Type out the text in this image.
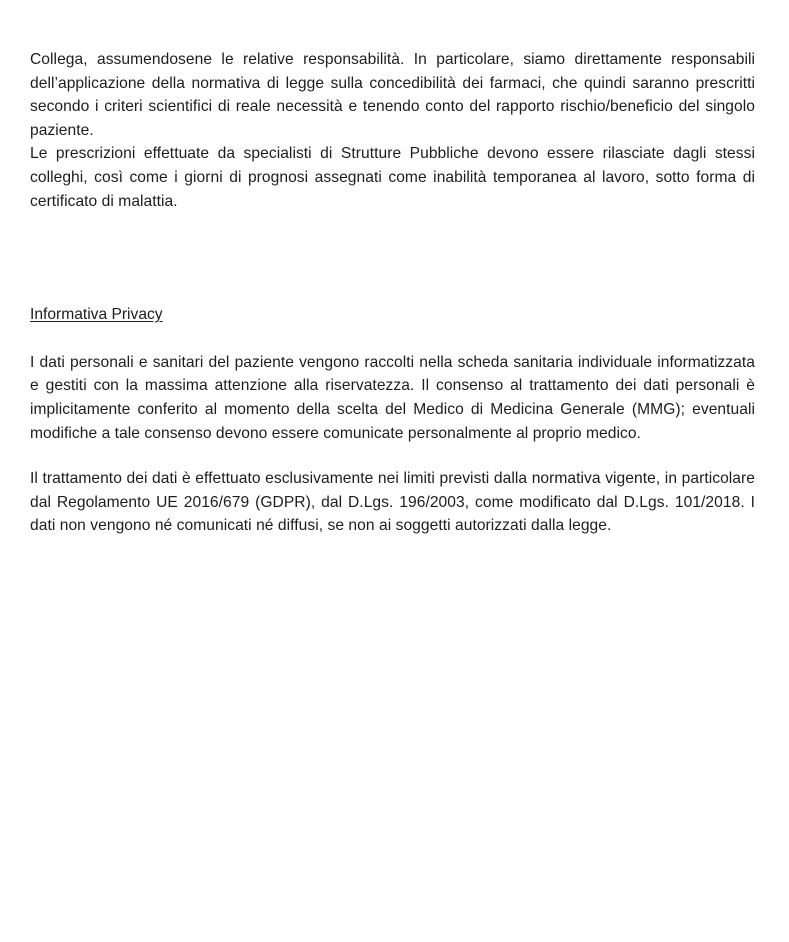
Collega, assumendosene le relative responsabilità. In particolare, siamo direttamente responsabili dell’applicazione della normativa di legge sulla concedibilità dei farmaci, che quindi saranno prescritti secondo i criteri scientifici di reale necessità e tenendo conto del rapporto rischio/beneficio del singolo paziente.

Le prescrizioni effettuate da specialisti di Strutture Pubbliche devono essere rilasciate dagli stessi colleghi, così come i giorni di prognosi assegnati come inabilità temporanea al lavoro, sotto forma di certificato di malattia.

Informativa Privacy

I dati personali e sanitari del paziente vengono raccolti nella scheda sanitaria individuale informatizzata e gestiti con la massima attenzione alla riservatezza. Il consenso al trattamento dei dati personali è implicitamente conferito al momento della scelta del Medico di Medicina Generale (MMG); eventuali modifiche a tale consenso devono essere comunicate personalmente al proprio medico.

Il trattamento dei dati è effettuato esclusivamente nei limiti previsti dalla normativa vigente, in particolare dal Regolamento UE 2016/679 (GDPR), dal D.Lgs. 196/2003, come modificato dal D.Lgs. 101/2018. I dati non vengono né comunicati né diffusi, se non ai soggetti autorizzati dalla legge.
